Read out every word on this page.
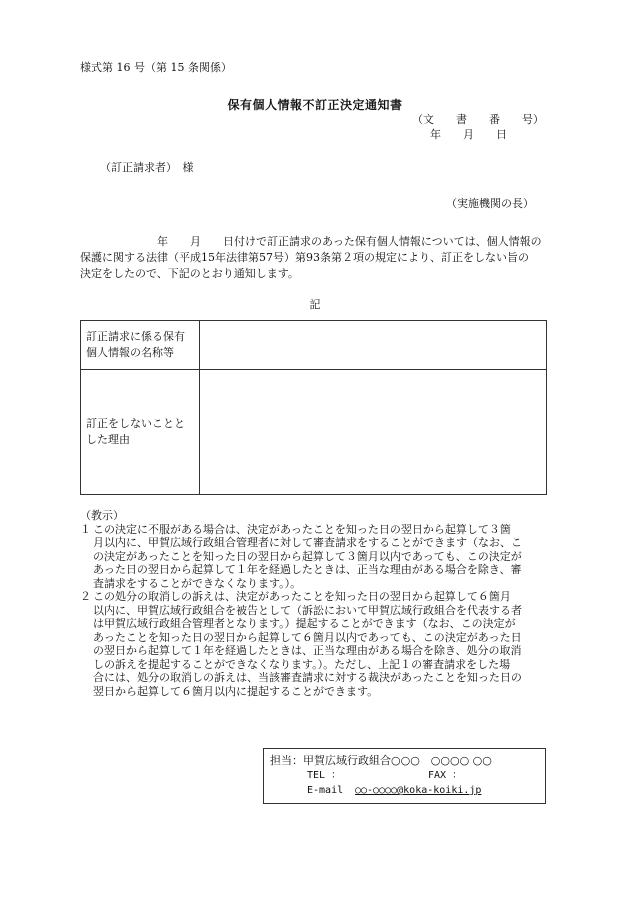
様式第 16 号（第 15 条関係）
保有個人情報不訂正決定通知書
（文　　書　　番　　号）
年　　月　　日
（訂正請求者）　様
（実施機関の長）

　　　　　　　年　　月　　日付けで訂正請求のあった保有個人情報については、個人情報の

保護に関する法律（平成15年法律第57号）第93条第２項の規定により、訂正をしない旨の

決定をしたので、下記のとおり通知します。

記
訂正請求に係る保有
個人情報の名称等	

訂正をしないことと
した理由	

（教示）

１ この決定に不服がある場合は、決定があったことを知った日の翌日から起算して３箇
月以内に、甲賀広域行政組合管理者に対して審査請求をすることができます（なお、こ
の決定があったことを知った日の翌日から起算して３箇月以内であっても、この決定が
あった日の翌日から起算して１年を経過したときは、正当な理由がある場合を除き、審
査請求をすることができなくなります。）。
２ この処分の取消しの訴えは、決定があったことを知った日の翌日から起算して６箇月
以内に、甲賀広域行政組合を被告として（訴訟において甲賀広域行政組合を代表する者
は甲賀広域行政組合管理者となります。）提起することができます（なお、この決定が
あったことを知った日の翌日から起算して６箇月以内であっても、この決定があった日
の翌日から起算して１年を経過したときは、正当な理由がある場合を除き、処分の取消
しの訴えを提起することができなくなります。）。ただし、上記１の審査請求をした場
合には、処分の取消しの訴えは、当該審査請求に対する裁決があったことを知った日の
翌日から起算して６箇月以内に提起することができます。
担当：甲賀広域行政組合○○○　○○○○ ○○
TEL ：	FAX ：
E-mail ○○-○○○○@koka-koiki.jp
